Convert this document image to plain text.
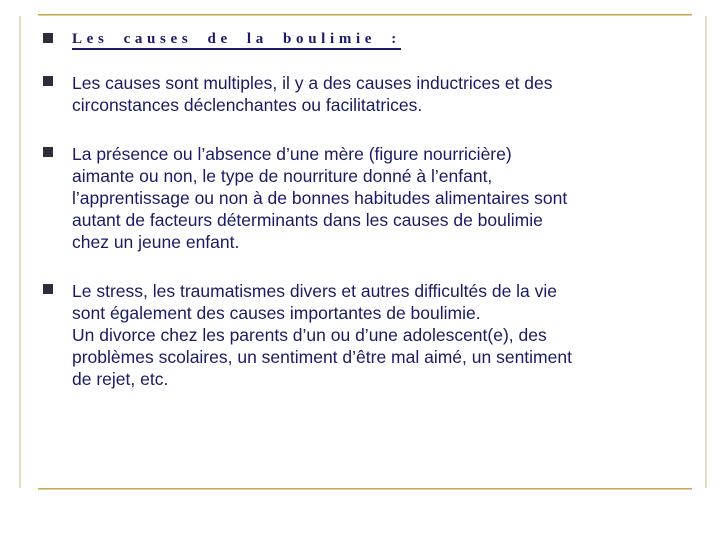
Les causes de la boulimie :
Les causes sont multiples, il y a des causes inductrices et des
circonstances déclenchantes ou facilitatrices.
La présence ou l’absence d’une mère (figure nourricière)
aimante ou non, le type de nourriture donné à l’enfant,
l’apprentissage ou non à de bonnes habitudes alimentaires sont
autant de facteurs déterminants dans les causes de boulimie
chez un jeune enfant.
Le stress, les traumatismes divers et autres difficultés de la vie
sont également des causes importantes de boulimie.
Un divorce chez les parents d’un ou d’une adolescent(e), des
problèmes scolaires, un sentiment d’être mal aimé, un sentiment
de rejet, etc.
